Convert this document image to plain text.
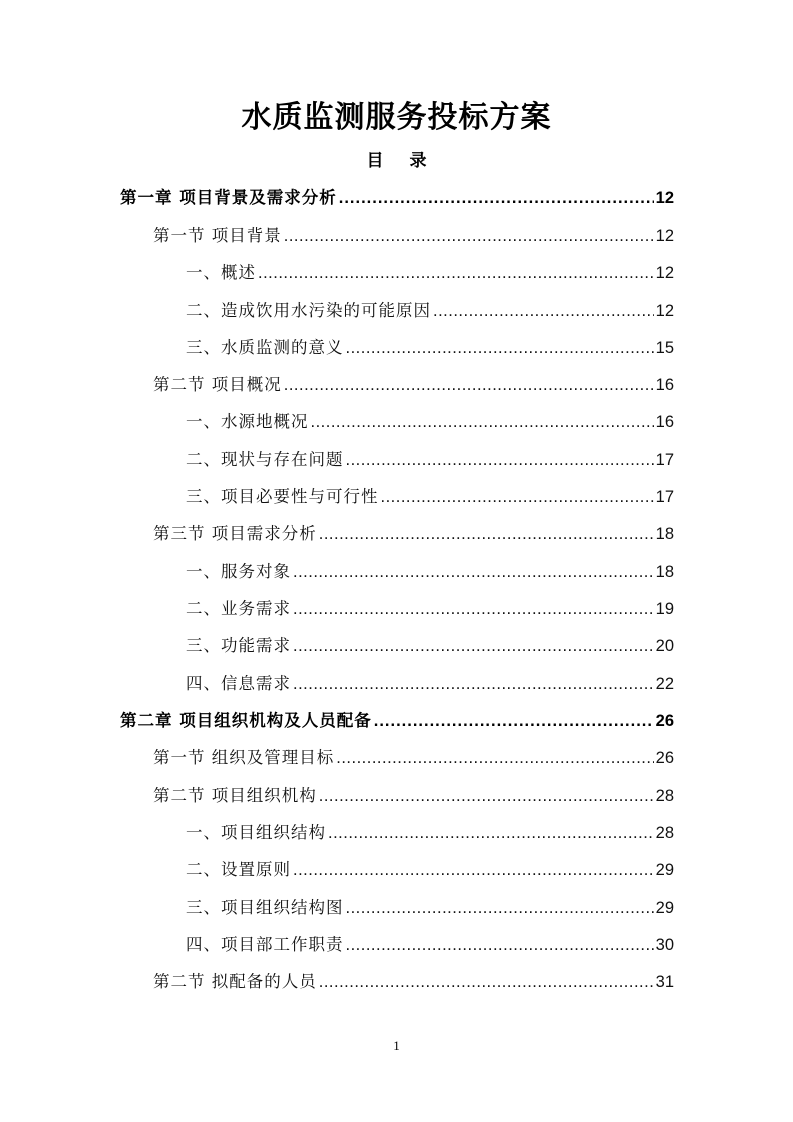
水质监测服务投标方案
目 录
第一章 项目背景及需求分析 .....	12
第一节 项目背景 .....	12
一、概述 .....	12
二、造成饮用水污染的可能原因 .....	12
三、水质监测的意义 .....	15
第二节 项目概况 .....	16
一、水源地概况 .....	16
二、现状与存在问题 .....	17
三、项目必要性与可行性 .....	17
第三节 项目需求分析 .....	18
一、服务对象 .....	18
二、业务需求 .....	19
三、功能需求 .....	20
四、信息需求 .....	22
第二章 项目组织机构及人员配备 .....	26
第一节 组织及管理目标 .....	26
第二节 项目组织机构 .....	28
一、项目组织结构 .....	28
二、设置原则 .....	29
三、项目组织结构图 .....	29
四、项目部工作职责 .....	30
第二节 拟配备的人员 .....	31
1
